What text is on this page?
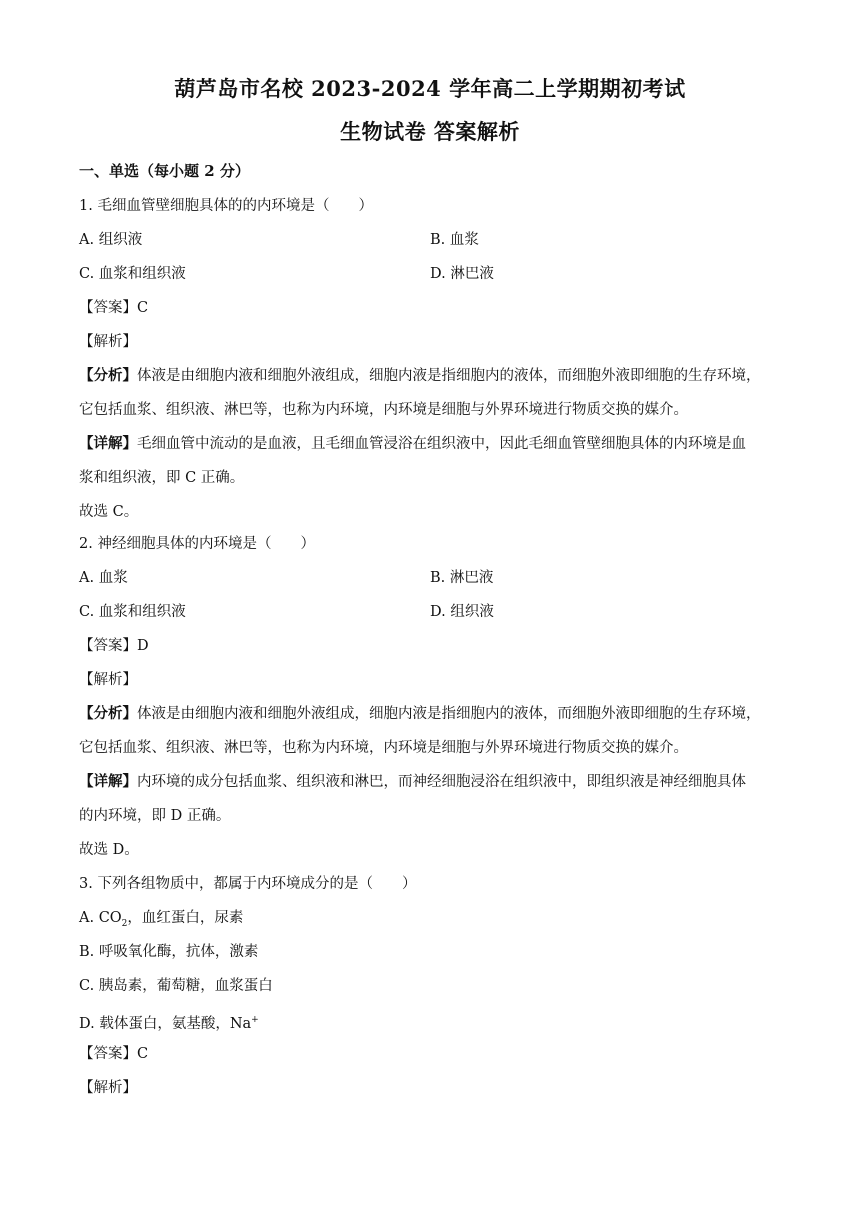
葫芦岛市名校 2023-2024 学年高二上学期期初考试
生物试卷 答案解析
一、单选（每小题 2 分）
1. 毛细血管壁细胞具体的的内环境是（　　）
A. 组织液	B. 血浆
C. 血浆和组织液	D. 淋巴液
【答案】C
【解析】
【分析】体液是由细胞内液和细胞外液组成，细胞内液是指细胞内的液体，而细胞外液即细胞的生存环境，
它包括血浆、组织液、淋巴等，也称为内环境，内环境是细胞与外界环境进行物质交换的媒介。
【详解】毛细血管中流动的是血液，且毛细血管浸浴在组织液中，因此毛细血管壁细胞具体的内环境是血
浆和组织液，即 C 正确。
故选 C。
2. 神经细胞具体的内环境是（　　）
A. 血浆	B. 淋巴液
C. 血浆和组织液	D. 组织液
【答案】D
【解析】
【分析】体液是由细胞内液和细胞外液组成，细胞内液是指细胞内的液体，而细胞外液即细胞的生存环境，
它包括血浆、组织液、淋巴等，也称为内环境，内环境是细胞与外界环境进行物质交换的媒介。
【详解】内环境的成分包括血浆、组织液和淋巴，而神经细胞浸浴在组织液中，即组织液是神经细胞具体
的内环境，即 D 正确。
故选 D。
3. 下列各组物质中，都属于内环境成分的是（　　）
A. $CO_2$，血红蛋白，尿素
B. 呼吸氧化酶，抗体，激素
C. 胰岛素，葡萄糖，血浆蛋白
D. 载体蛋白，氨基酸，Na+
【答案】C
【解析】
